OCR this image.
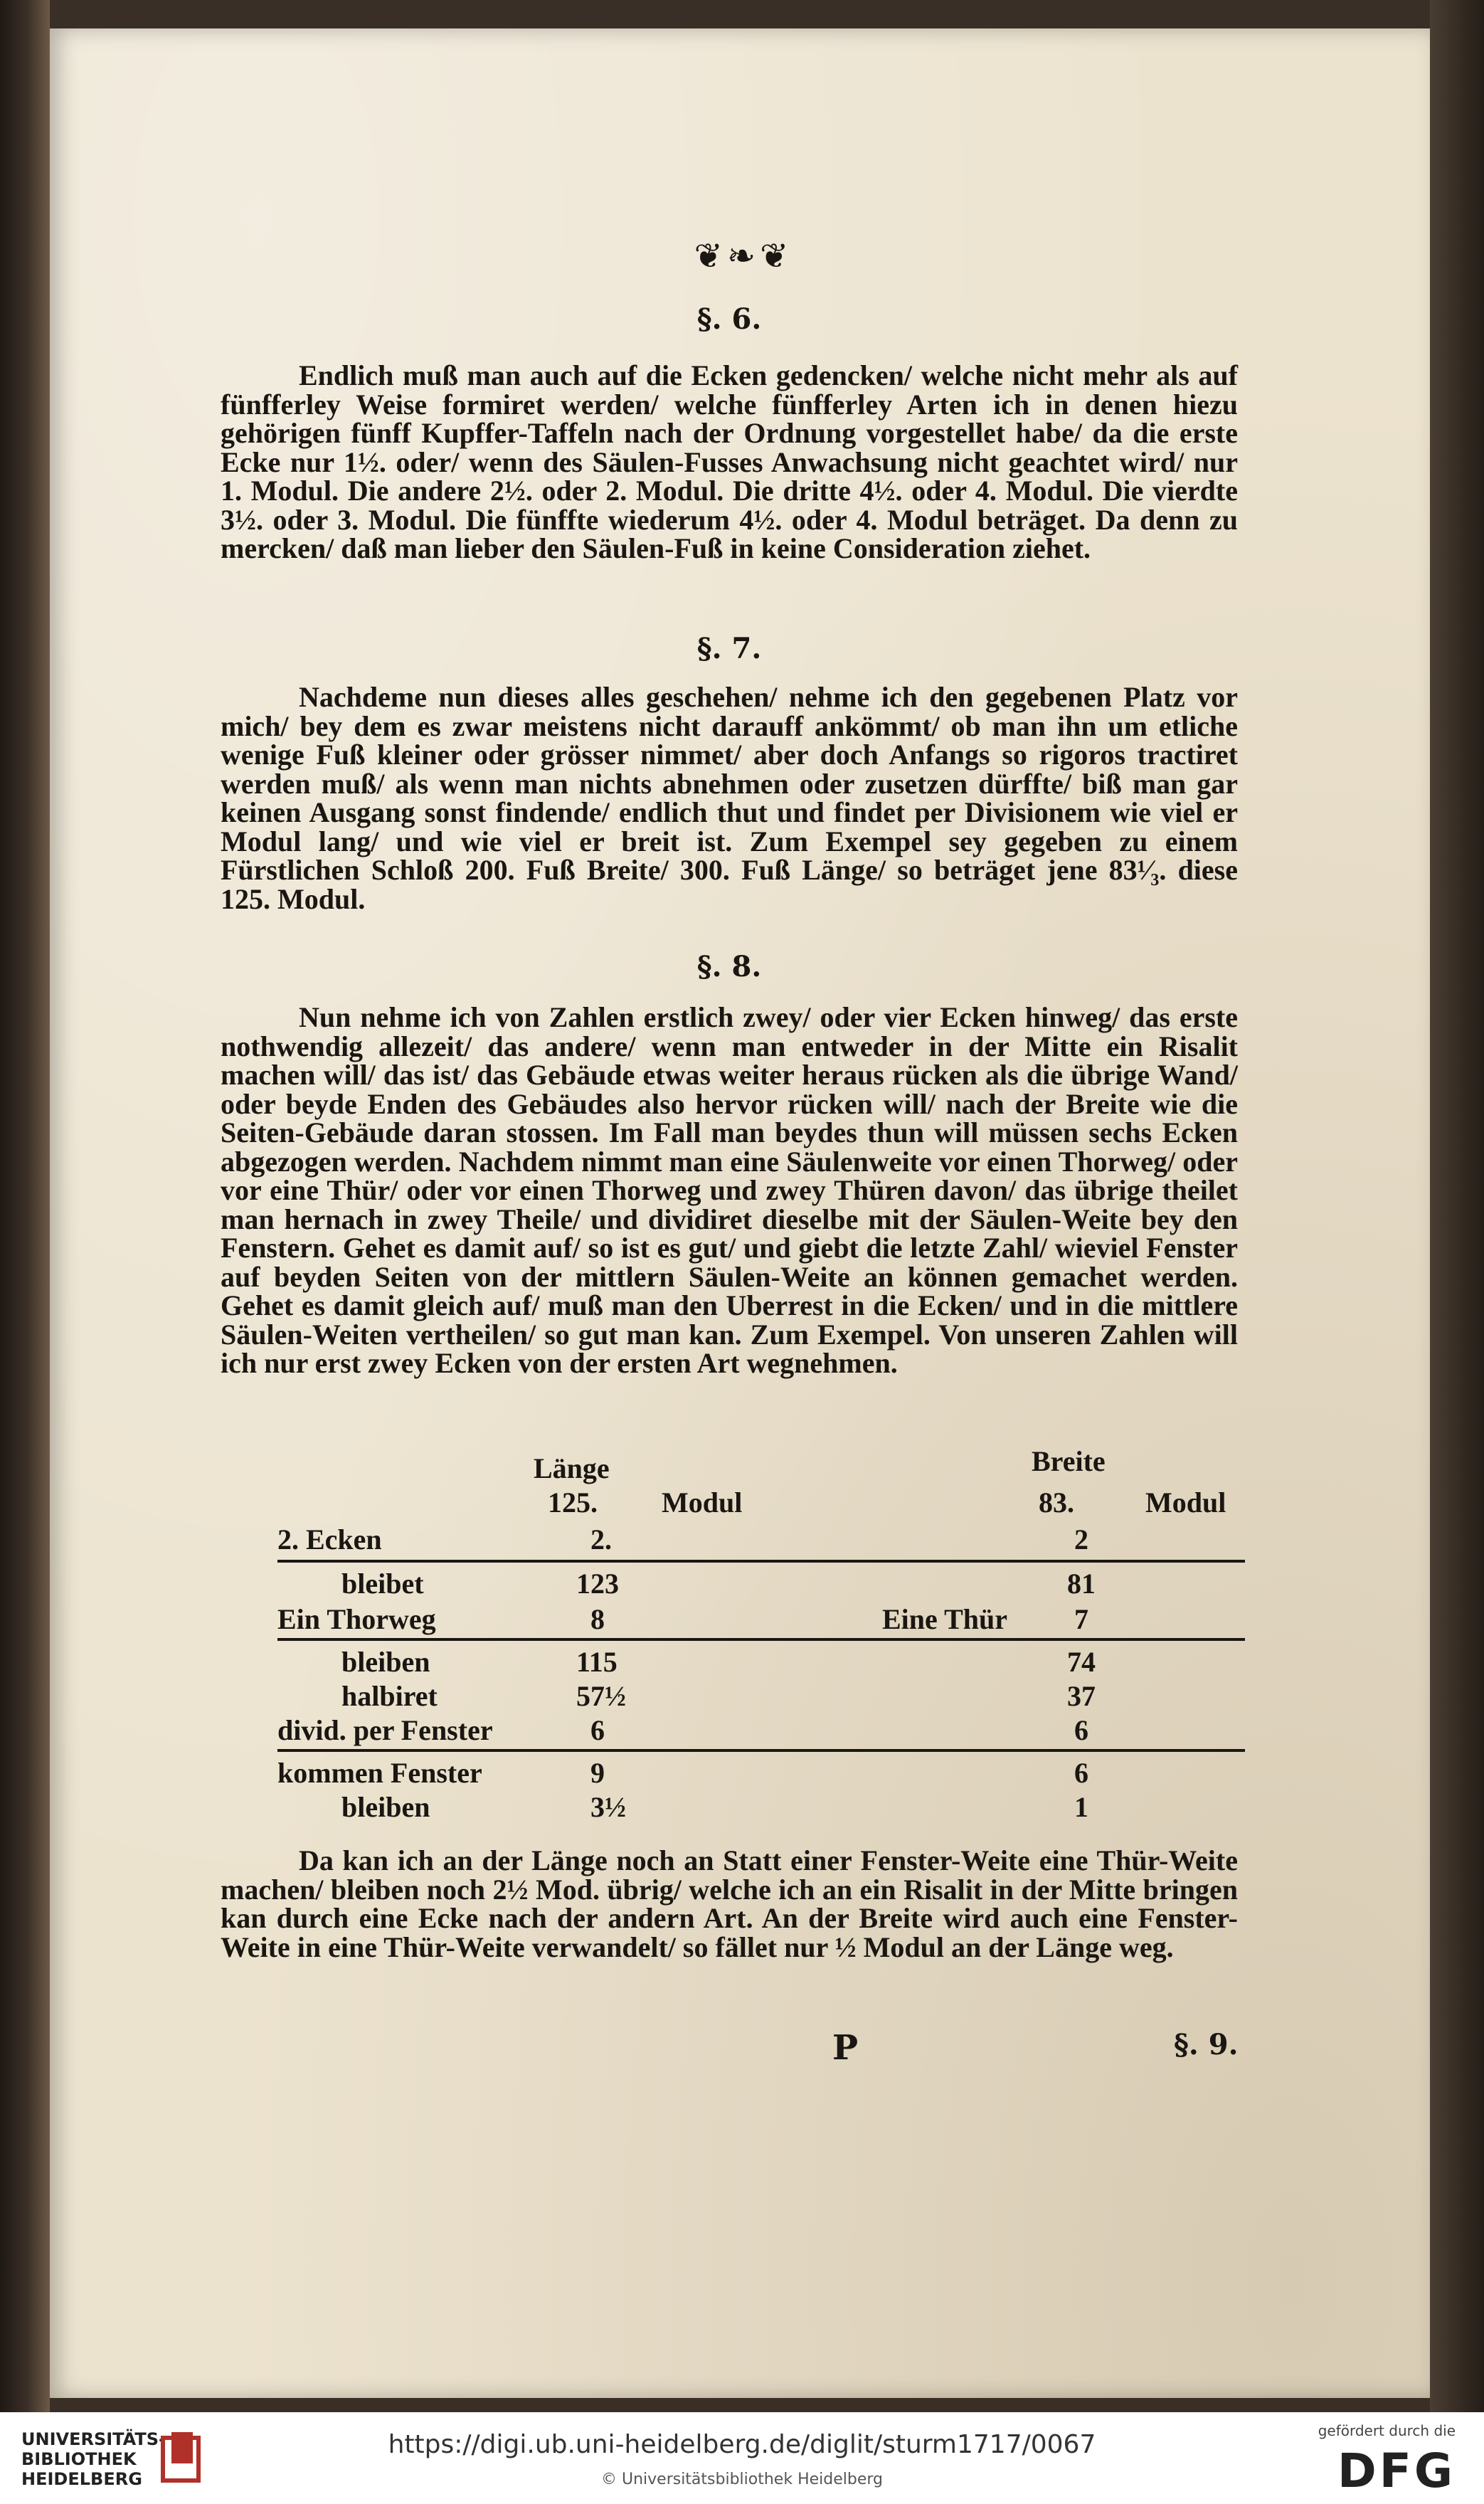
❦❧❦

§. 6.

Endlich muß man auch auf die Ecken gedencken/ welche nicht mehr als auf fünfferley Weise formiret werden/ welche fünfferley Arten ich in denen hiezu gehörigen fünff Kupffer-Taffeln nach der Ordnung vorgestellet habe/ da die erste Ecke nur 1½. oder/ wenn des Säulen-Fusses Anwachsung nicht geachtet wird/ nur 1. Modul. Die andere 2½. oder 2. Modul. Die dritte 4½. oder 4. Modul. Die vierdte 3½. oder 3. Modul. Die fünffte wiederum 4½. oder 4. Modul beträget. Da denn zu mercken/ daß man lieber den Säulen-Fuß in keine Consideration ziehet.

§. 7.

Nachdeme nun dieses alles geschehen/ nehme ich den gegebenen Platz vor mich/ bey dem es zwar meistens nicht darauff ankömmt/ ob man ihn um etliche wenige Fuß kleiner oder grösser nimmet/ aber doch Anfangs so rigoros tractiret werden muß/ als wenn man nichts abnehmen oder zusetzen dürffte/ biß man gar keinen Ausgang sonst findende/ endlich thut und findet per Divisionem wie viel er Modul lang/ und wie viel er breit ist. Zum Exempel sey gegeben zu einem Fürstlichen Schloß 200. Fuß Breite/ 300. Fuß Länge/ so beträget jene 83¹⁄₃. diese 125. Modul.

§. 8.

Nun nehme ich von Zahlen erstlich zwey/ oder vier Ecken hinweg/ das erste nothwendig allezeit/ das andere/ wenn man entweder in der Mitte ein Risalit machen will/ das ist/ das Gebäude etwas weiter heraus rücken als die übrige Wand/ oder beyde Enden des Gebäudes also hervor rücken will/ nach der Breite wie die Seiten-Gebäude daran stossen. Im Fall man beydes thun will müssen sechs Ecken abgezogen werden. Nachdem nimmt man eine Säulenweite vor einen Thorweg/ oder vor eine Thür/ oder vor einen Thorweg und zwey Thüren davon/ das übrige theilet man hernach in zwey Theile/ und dividiret dieselbe mit der Säulen-Weite bey den Fenstern. Gehet es damit auf/ so ist es gut/ und giebt die letzte Zahl/ wieviel Fenster auf beyden Seiten von der mittlern Säulen-Weite an können gemachet werden. Gehet es damit gleich auf/ muß man den Uberrest in die Ecken/ und in die mittlere Säulen-Weiten vertheilen/ so gut man kan. Zum Exempel. Von unseren Zahlen will ich nur erst zwey Ecken von der ersten Art wegnehmen.

Länge	Breite
125. Modul	83.	Modul
2. Ecken	2.	2
bleibet	123	81
Ein Thorweg	8	Eine Thür 7
bleiben	115	74
halbiret	57½	37
divid. per Fenster	6	6
kommen Fenster	9	6
bleiben	3½	1

Da kan ich an der Länge noch an Statt einer Fenster-Weite eine Thür-Weite machen/ bleiben noch 2½ Mod. übrig/ welche ich an ein Risalit in der Mitte bringen kan durch eine Ecke nach der andern Art. An der Breite wird auch eine Fenster-Weite in eine Thür-Weite verwandelt/ so fället nur ½ Modul an der Länge weg.

P	§. 9.
UNIVERSITÄTS-
BIBLIOTHEK
HEIDELBERG
https://digi.ub.uni-heidelberg.de/diglit/sturm1717/0067
© Universitätsbibliothek Heidelberg
gefördert durch die
DFG
